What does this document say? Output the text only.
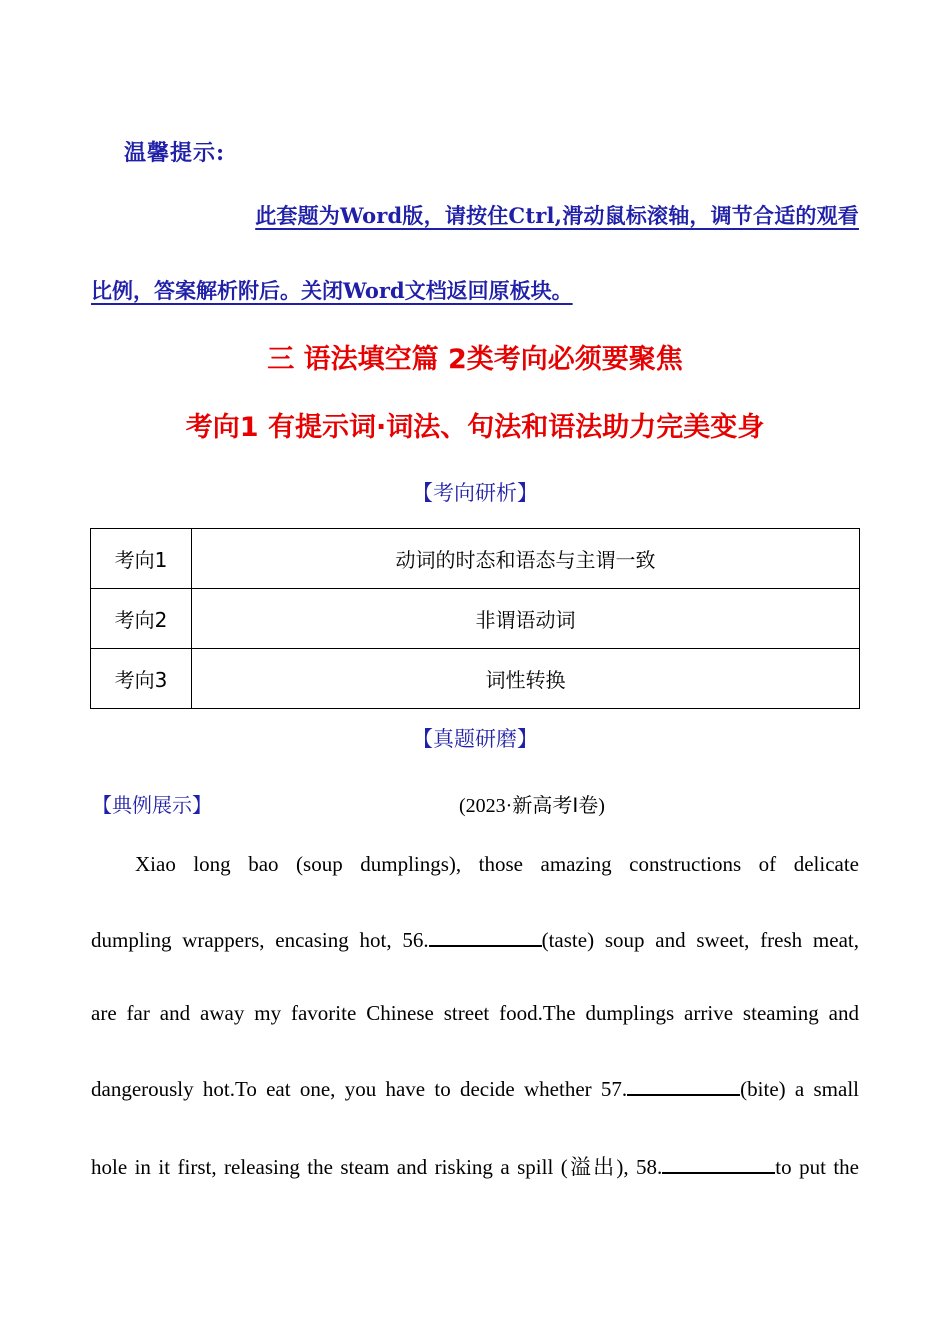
温馨提示:
此套题为Word版，请按住Ctrl,滑动鼠标滚轴，调节合适的观看
比例，答案解析附后。关闭Word文档返回原板块。
三 语法填空篇 2类考向必须要聚焦
考向1 有提示词·词法、句法和语法助力完美变身
【考向研析】
考向1	动词的时态和语态与主谓一致
考向2	非谓语动词
考向3	词性转换
【真题研磨】
【典例展示】	(2023·新高考Ⅰ卷)
Xiao long bao (soup dumplings), those amazing constructions of delicate
dumpling wrappers, encasing hot, 56.	(taste) soup and sweet, fresh meat,
are far and away my favorite Chinese street food.The dumplings arrive steaming and
dangerously hot.To eat one, you have to decide whether 57.	(bite) a small
hole in it first, releasing the steam and risking a spill (溢出), 58.	to put the
